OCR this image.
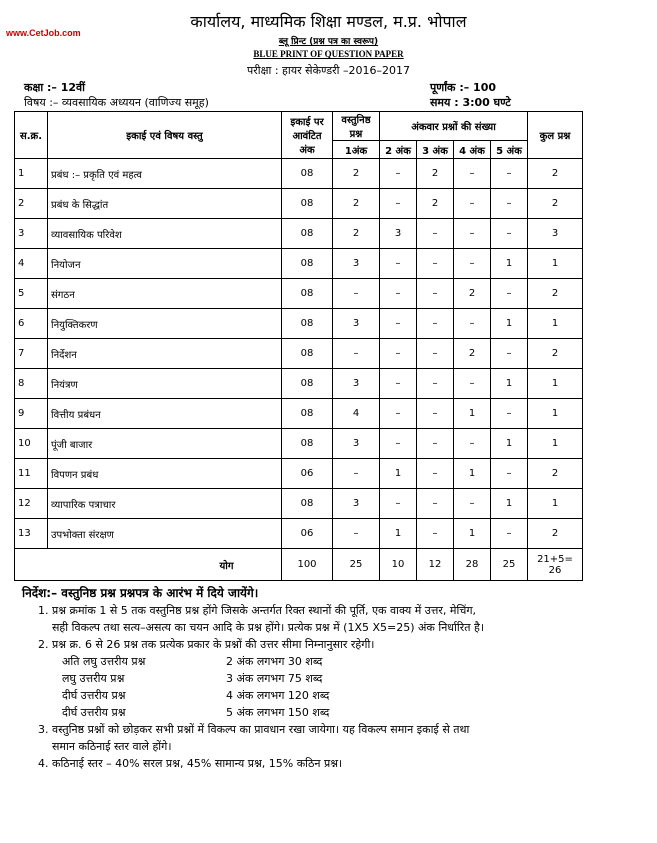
www.CetJob.com
कार्यालय, माध्यमिक शिक्षा मण्डल, म.प्र. भोपाल
ब्लू प्रिन्ट (प्रश्न पत्र का स्वरूप)
BLUE PRINT OF QUESTION PAPER
परीक्षा : हायर सेकेण्डरी –2016–2017
कक्षा :– 12वीं	पूर्णांक :– 100
विषय :– व्यवसायिक अध्ययन (वाणिज्य समूह)	समय : 3:00 घण्टे
स.क्र.	इकाई एवं विषय वस्तु	इकाई पर आवंटित अंक	वस्तुनिष्ठ प्रश्न	अंकवार प्रश्नों की संख्या				कुल प्रश्न
			1अंक	2 अंक	3 अंक	4 अंक	5 अंक	
1	प्रबंध :– प्रकृति एवं महत्व	08	2	–	2	–	–	2
2	प्रबंध के सिद्धांत	08	2	–	2	–	–	2
3	व्यावसायिक परिवेश	08	2	3	–	–	–	3
4	नियोजन	08	3	–	–	–	1	1
5	संगठन	08	–	–	–	2	–	2
6	नियुक्तिकरण	08	3	–	–	–	1	1
7	निर्देशन	08	–	–	–	2	–	2
8	नियंत्रण	08	3	–	–	–	1	1
9	वित्तीय प्रबंधन	08	4	–	–	1	–	1
10	पूंजी बाजार	08	3	–	–	–	1	1
11	विपणन प्रबंध	06	–	1	–	1	–	2
12	व्यापारिक पत्राचार	08	3	–	–	–	1	1
13	उपभोक्ता संरक्षण	06	–	1	–	1	–	2
योग		100	25	10	12	28	25	21+5=
26
निर्देश:– वस्तुनिष्ठ प्रश्न प्रश्नपत्र के आरंभ में दिये जायेंगे।
1. प्रश्न क्रमांक 1 से 5 तक वस्तुनिष्ठ प्रश्न होंगे जिसके अन्तर्गत रिक्त स्थानों की पूर्ति, एक वाक्य में उत्तर, मेचिंग,
सही विकल्प तथा सत्य–असत्य का चयन आदि के प्रश्न होंगे। प्रत्येक प्रश्न में (1X5 X5=25) अंक निर्धारित है।
2. प्रश्न क्र. 6 से 26 प्रश्न तक प्रत्येक प्रकार के प्रश्नों की उत्तर सीमा निम्नानुसार रहेगी।
अति लघु उत्तरीय प्रश्न	2 अंक लगभग 30 शब्द
लघु उत्तरीय प्रश्न	3 अंक लगभग 75 शब्द
दीर्घ उत्तरीय प्रश्न	4 अंक लगभग 120 शब्द
दीर्घ उत्तरीय प्रश्न	5 अंक लगभग 150 शब्द
3. वस्तुनिष्ठ प्रश्नों को छोड़कर सभी प्रश्नों में विकल्प का प्रावधान रखा जायेगा। यह विकल्प समान इकाई से तथा
समान कठिनाई स्तर वाले होंगे।
4. कठिनाई स्तर – 40% सरल प्रश्न, 45% सामान्य प्रश्न, 15% कठिन प्रश्न।
